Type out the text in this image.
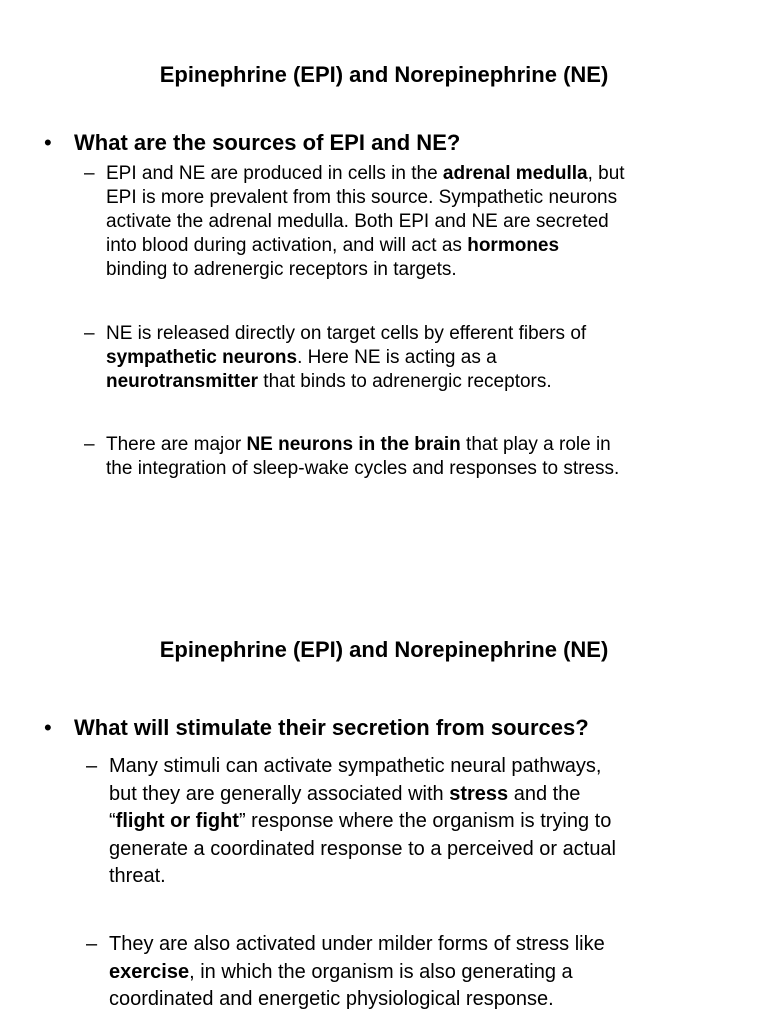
Epinephrine (EPI) and Norepinephrine (NE)
• What are the sources of EPI and NE?
– EPI and NE are produced in cells in the adrenal medulla, but
EPI is more prevalent from this source. Sympathetic neurons
activate the adrenal medulla. Both EPI and NE are secreted
into blood during activation, and will act as hormones
binding to adrenergic receptors in targets.
– NE is released directly on target cells by efferent fibers of
sympathetic neurons. Here NE is acting as a
neurotransmitter that binds to adrenergic receptors.
– There are major NE neurons in the brain that play a role in
the integration of sleep-wake cycles and responses to stress.
Epinephrine (EPI) and Norepinephrine (NE)
• What will stimulate their secretion from sources?
– Many stimuli can activate sympathetic neural pathways,
but they are generally associated with stress and the
“flight or fight” response where the organism is trying to
generate a coordinated response to a perceived or actual
threat.
– They are also activated under milder forms of stress like
exercise, in which the organism is also generating a
coordinated and energetic physiological response.
